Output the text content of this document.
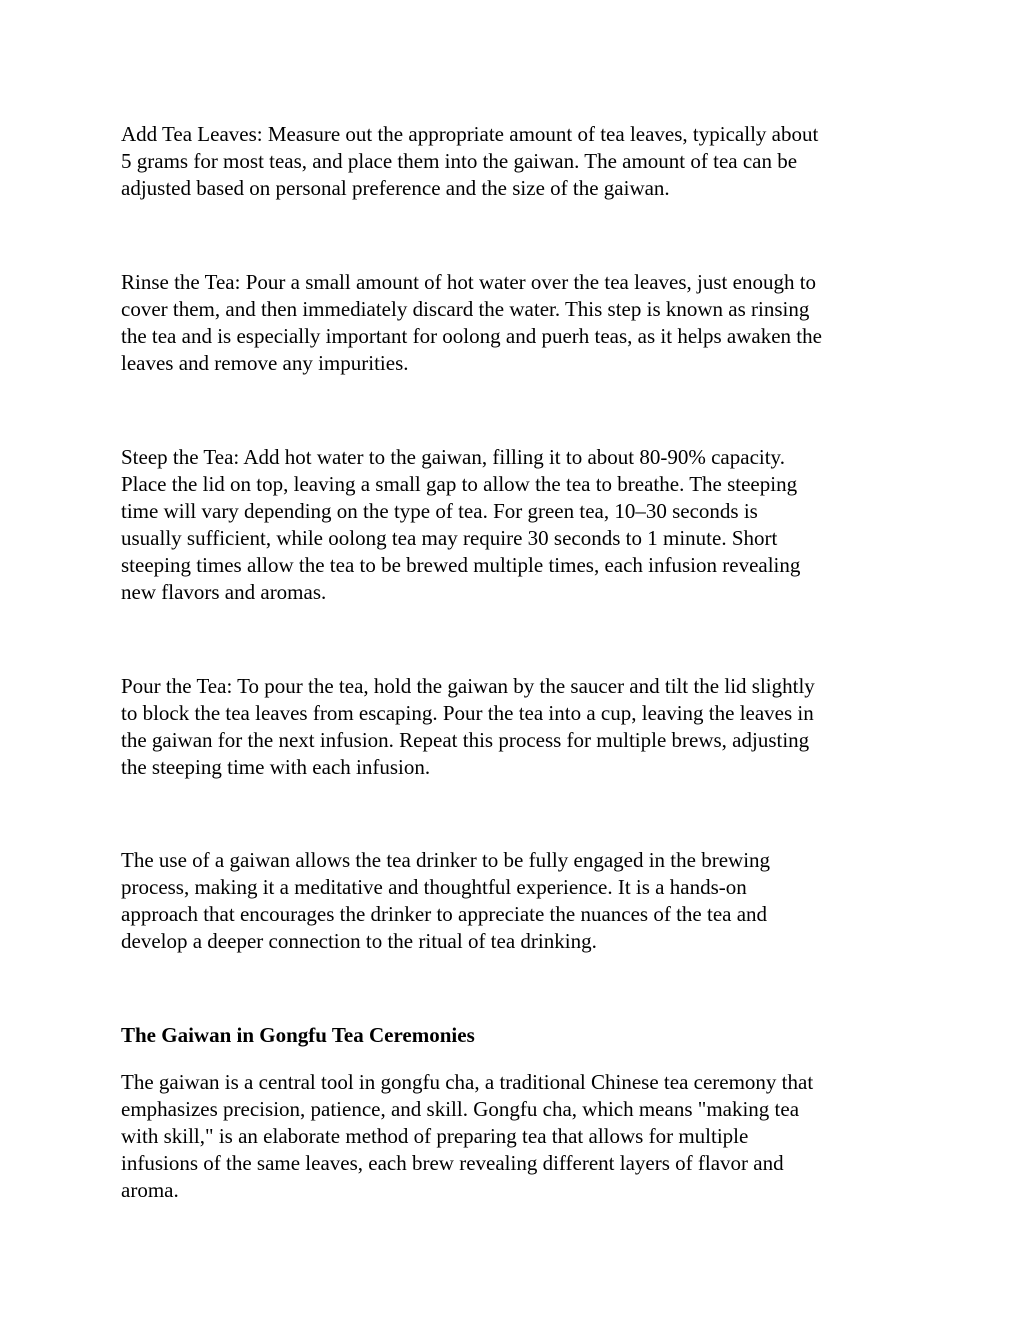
Add Tea Leaves: Measure out the appropriate amount of tea leaves, typically about
5 grams for most teas, and place them into the gaiwan. The amount of tea can be
adjusted based on personal preference and the size of the gaiwan.

Rinse the Tea: Pour a small amount of hot water over the tea leaves, just enough to
cover them, and then immediately discard the water. This step is known as rinsing
the tea and is especially important for oolong and puerh teas, as it helps awaken the
leaves and remove any impurities.

Steep the Tea: Add hot water to the gaiwan, filling it to about 80-90% capacity.
Place the lid on top, leaving a small gap to allow the tea to breathe. The steeping
time will vary depending on the type of tea. For green tea, 10–30 seconds is
usually sufficient, while oolong tea may require 30 seconds to 1 minute. Short
steeping times allow the tea to be brewed multiple times, each infusion revealing
new flavors and aromas.

Pour the Tea: To pour the tea, hold the gaiwan by the saucer and tilt the lid slightly
to block the tea leaves from escaping. Pour the tea into a cup, leaving the leaves in
the gaiwan for the next infusion. Repeat this process for multiple brews, adjusting
the steeping time with each infusion.

The use of a gaiwan allows the tea drinker to be fully engaged in the brewing
process, making it a meditative and thoughtful experience. It is a hands-on
approach that encourages the drinker to appreciate the nuances of the tea and
develop a deeper connection to the ritual of tea drinking.

The Gaiwan in Gongfu Tea Ceremonies

The gaiwan is a central tool in gongfu cha, a traditional Chinese tea ceremony that
emphasizes precision, patience, and skill. Gongfu cha, which means "making tea
with skill," is an elaborate method of preparing tea that allows for multiple
infusions of the same leaves, each brew revealing different layers of flavor and
aroma.
